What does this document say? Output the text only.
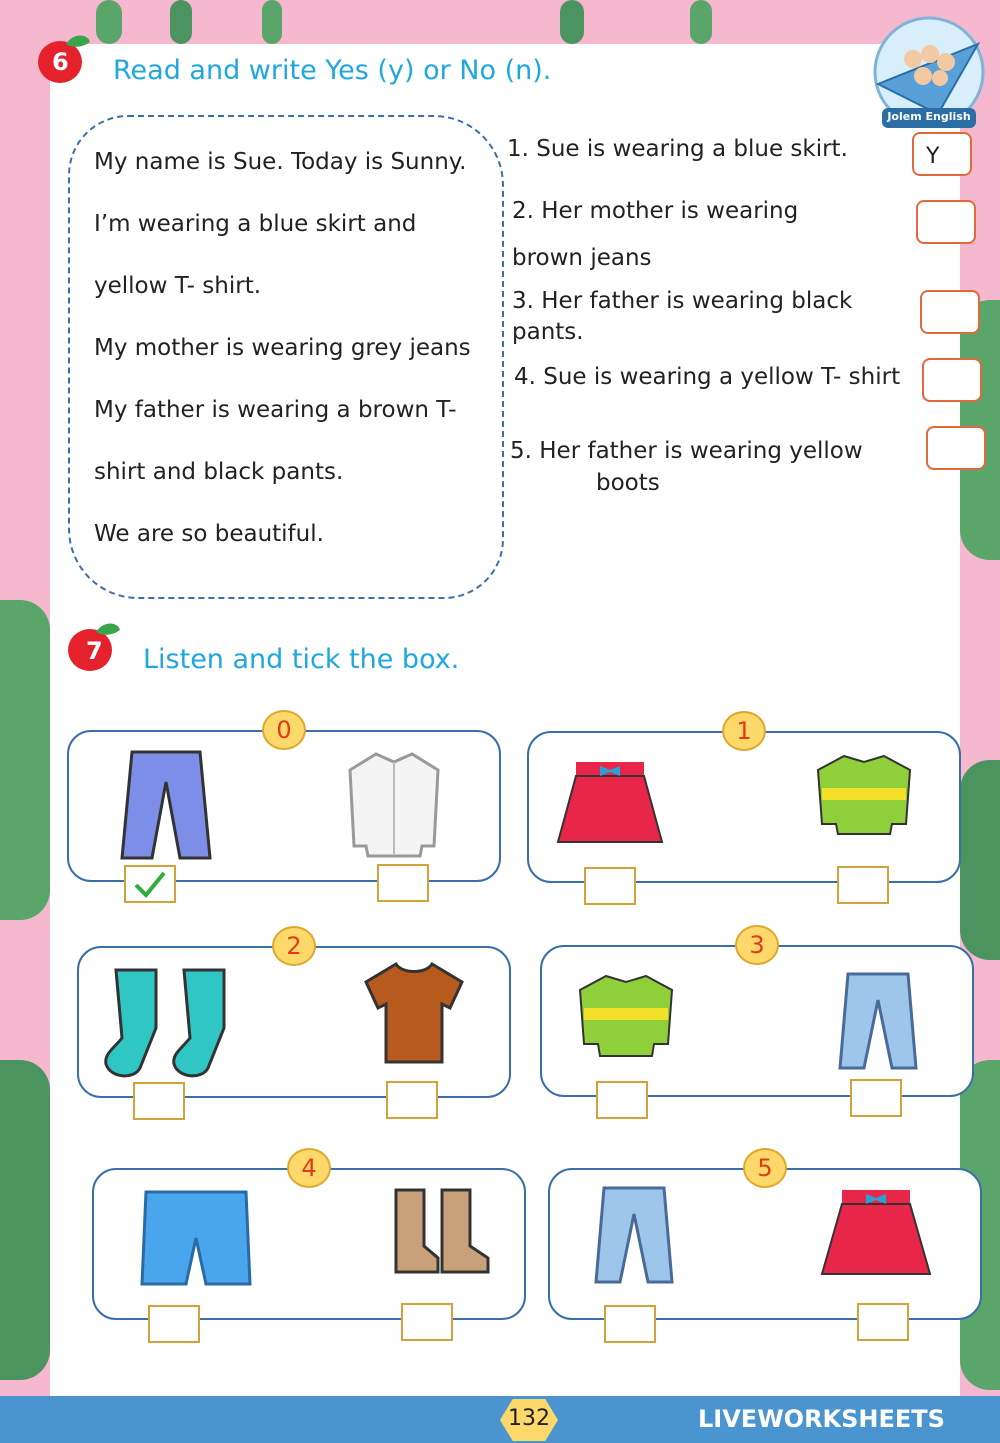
Jolem English
6 Read and write Yes (y) or No (n).

My name is Sue. Today is Sunny.

I’m wearing a blue skirt and

yellow T- shirt.

My mother is wearing grey jeans

My father is wearing a brown T-

shirt and black pants.

We are so beautiful.

1. Sue is wearing a blue skirt.	Y
2. Her mother is wearing
brown jeans
3. Her father is wearing black
pants.
4. Sue is wearing a yellow T- shirt
5. Her father is wearing yellow
boots
7 Listen and tick the box.
0	1
2	3
4	5
132	LIVEWORKSHEETS
